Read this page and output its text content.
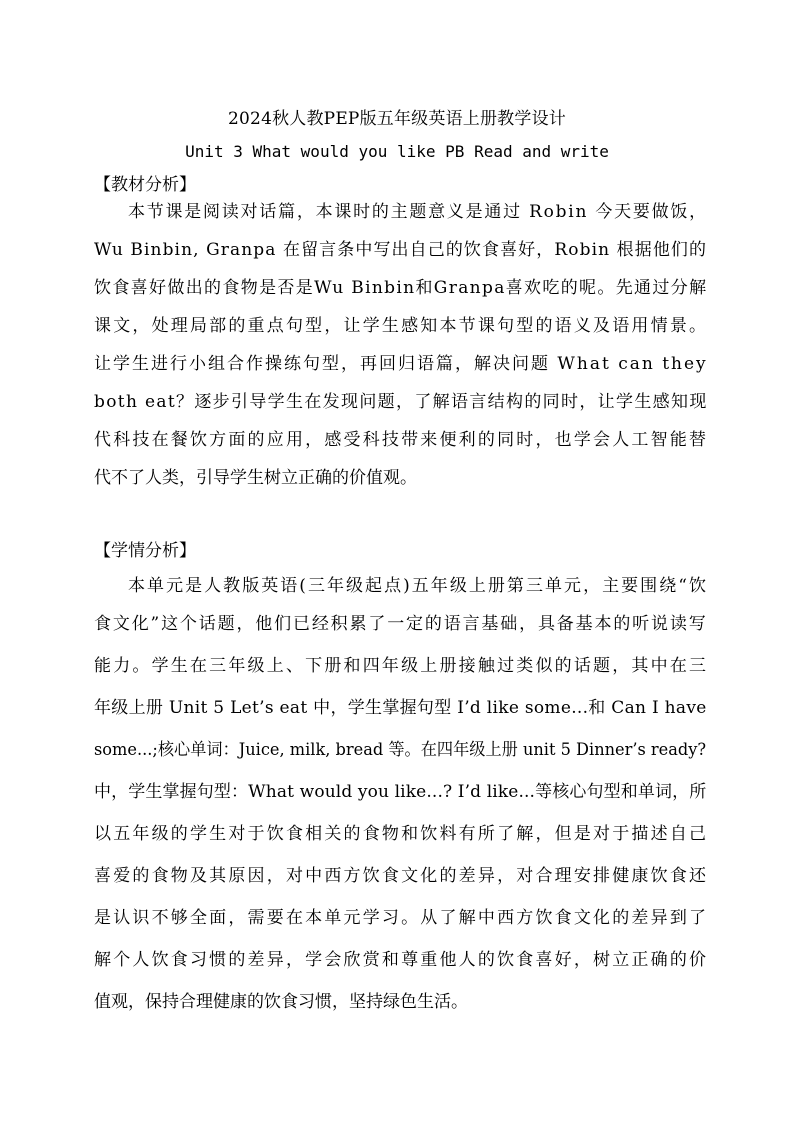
2024秋人教PEP版五年级英语上册教学设计
Unit 3 What would you like PB Read and write
【教材分析】
本节课是阅读对话篇，本课时的主题意义是通过 Robin 今天要做饭，
Wu Binbin, Granpa 在留言条中写出自己的饮食喜好，Robin 根据他们的
饮食喜好做出的食物是否是Wu Binbin和Granpa喜欢吃的呢。先通过分解
课文，处理局部的重点句型，让学生感知本节课句型的语义及语用情景。
让学生进行小组合作操练句型，再回归语篇，解决问题 What can they
both eat？逐步引导学生在发现问题，了解语言结构的同时，让学生感知现
代科技在餐饮方面的应用，感受科技带来便利的同时，也学会人工智能替
代不了人类，引导学生树立正确的价值观。
【学情分析】
本单元是人教版英语(三年级起点)五年级上册第三单元，主要围绕“饮
食文化”这个话题，他们已经积累了一定的语言基础，具备基本的听说读写
能力。学生在三年级上、下册和四年级上册接触过类似的话题，其中在三
年级上册 Unit 5 Let’s eat 中，学生掌握句型 I’d like some...和 Can I have
some...;核心单词：Juice, milk, bread 等。在四年级上册 unit 5 Dinner’s ready?
中，学生掌握句型：What would you like...? I’d like...等核心句型和单词，所
以五年级的学生对于饮食相关的食物和饮料有所了解，但是对于描述自己
喜爱的食物及其原因，对中西方饮食文化的差异，对合理安排健康饮食还
是认识不够全面，需要在本单元学习。从了解中西方饮食文化的差异到了
解个人饮食习惯的差异，学会欣赏和尊重他人的饮食喜好，树立正确的价
值观，保持合理健康的饮食习惯，坚持绿色生活。
